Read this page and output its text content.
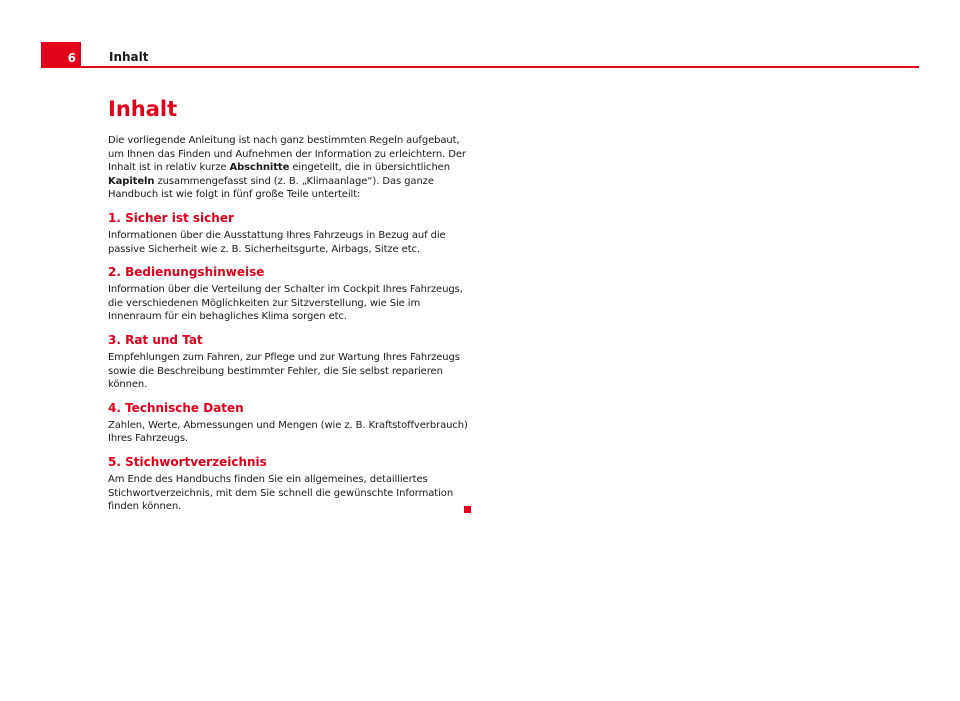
6	Inhalt
Inhalt

Die vorliegende Anleitung ist nach ganz bestimmten Regeln aufgebaut, um Ihnen das Finden und Aufnehmen der Information zu erleichtern. Der Inhalt ist in relativ kurze Abschnitte eingeteilt, die in übersichtlichen Kapiteln zusammengefasst sind (z. B. „Klimaanlage“). Das ganze Handbuch ist wie folgt in fünf große Teile unterteilt:

1. Sicher ist sicher

Informationen über die Ausstattung Ihres Fahrzeugs in Bezug auf die passive Sicherheit wie z. B. Sicherheitsgurte, Airbags, Sitze etc.

2. Bedienungshinweise

Information über die Verteilung der Schalter im Cockpit Ihres Fahrzeugs, die verschiedenen Möglichkeiten zur Sitzverstellung, wie Sie im Innenraum für ein behagliches Klima sorgen etc.

3. Rat und Tat

Empfehlungen zum Fahren, zur Pflege und zur Wartung Ihres Fahrzeugs sowie die Beschreibung bestimmter Fehler, die Sie selbst reparieren können.

4. Technische Daten

Zahlen, Werte, Abmessungen und Mengen (wie z. B. Kraftstoffverbrauch) Ihres Fahrzeugs.

5. Stichwortverzeichnis

Am Ende des Handbuchs finden Sie ein allgemeines, detailliertes Stichwortverzeichnis, mit dem Sie schnell die gewünschte Information finden können.
